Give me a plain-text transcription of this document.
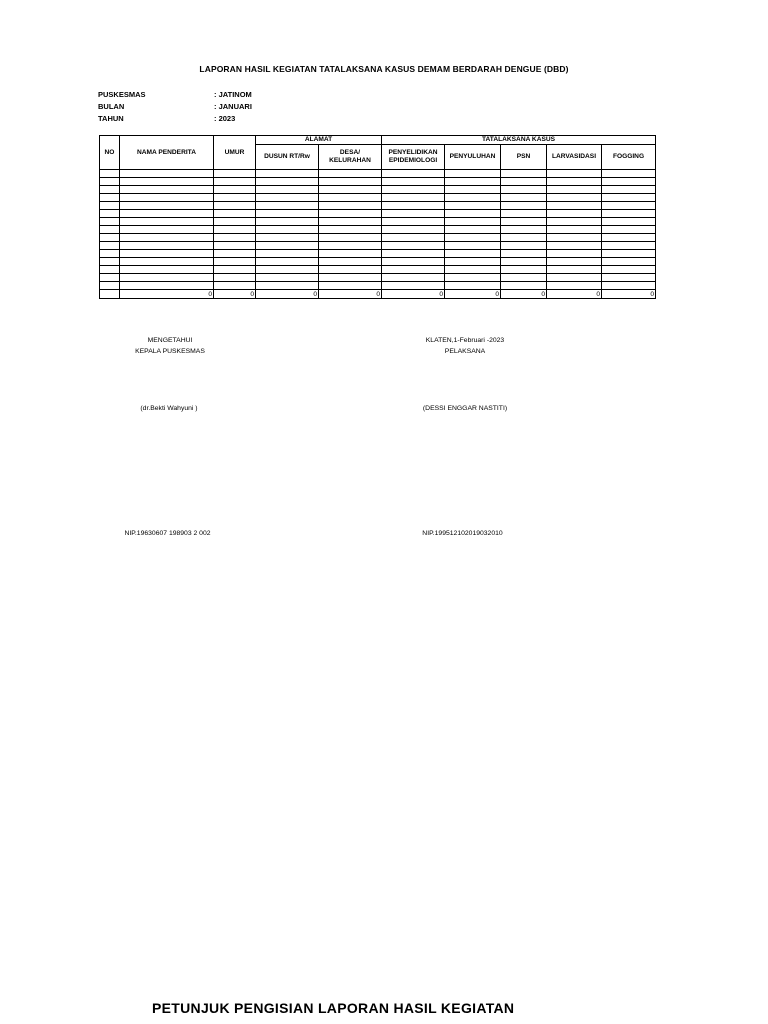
LAPORAN HASIL KEGIATAN TATALAKSANA KASUS DEMAM BERDARAH DENGUE (DBD)
PUSKESMAS	: JATINOM
BULAN	: JANUARI
TAHUN	: 2023
NO	NAMA PENDERITA	UMUR	ALAMAT		TATALAKSANA KASUS				
			DUSUN RT/Rw	DESA/ KELURAHAN	PENYELIDIKAN EPIDEMIOLOGI	PENYULUHAN	PSN	LARVASIDASI	FOGGING

	0	0	0	0	0	0	0	0	0
MENGETAHUI
KEPALA PUSKESMAS
(dr.Bekti Wahyuni )
NIP.19630607 198903 2 002
KLATEN,1-Februari -2023
PELAKSANA
(DESSI ENGGAR NASTITI)
NIP.199512102019032010
PETUNJUK PENGISIAN LAPORAN HASIL KEGIATAN
